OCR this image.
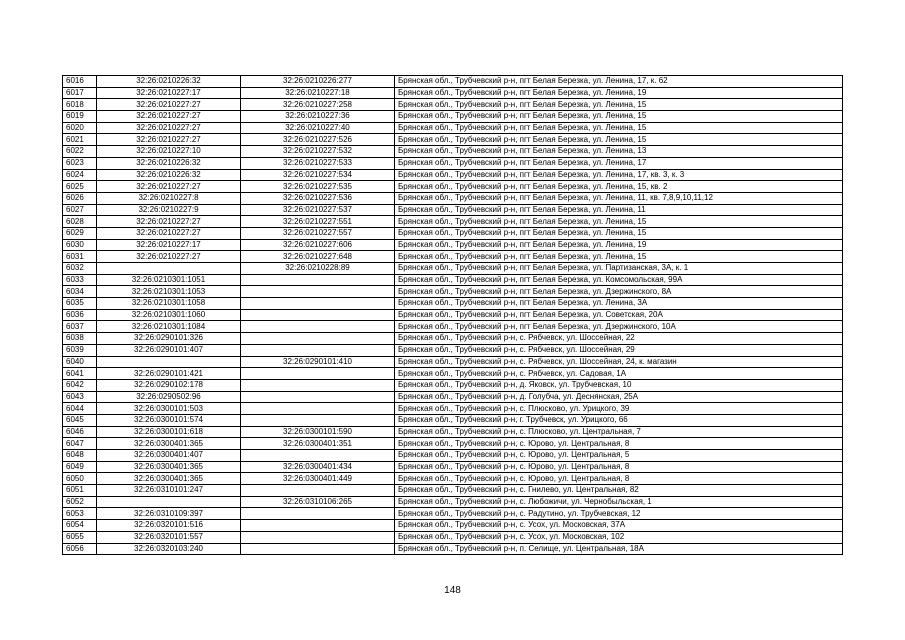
6016	32:26:0210226:32	32:26:0210226:277	Брянская обл., Трубчевский р-н, пгт Белая Березка, ул. Ленина, 17, к. 62
6017	32:26:0210227:17	32:26:0210227:18	Брянская обл., Трубчевский р-н, пгт Белая Березка, ул. Ленина, 19
6018	32:26:0210227:27	32:26:0210227:258	Брянская обл., Трубчевский р-н, пгт Белая Березка, ул. Ленина, 15
6019	32:26:0210227:27	32:26:0210227:36	Брянская обл., Трубчевский р-н, пгт Белая Березка, ул. Ленина, 15
6020	32:26:0210227:27	32:26:0210227:40	Брянская обл., Трубчевский р-н, пгт Белая Березка, ул. Ленина, 15
6021	32:26:0210227:27	32:26:0210227:526	Брянская обл., Трубчевский р-н, пгт Белая Березка, ул. Ленина, 15
6022	32:26:0210227:10	32:26:0210227:532	Брянская обл., Трубчевский р-н, пгт Белая Березка, ул. Ленина, 13
6023	32:26:0210226:32	32:26:0210227:533	Брянская обл., Трубчевский р-н, пгт Белая Березка, ул. Ленина, 17
6024	32:26:0210226:32	32:26:0210227:534	Брянская обл., Трубчевский р-н, пгт Белая Березка, ул. Ленина, 17, кв. 3, к. 3
6025	32:26:0210227:27	32:26:0210227:535	Брянская обл., Трубчевский р-н, пгт Белая Березка, ул. Ленина, 15, кв. 2
6026	32:26:0210227:8	32:26:0210227:536	Брянская обл., Трубчевский р-н, пгт Белая Березка, ул. Ленина, 11, кв. 7,8,9,10,11,12
6027	32:26:0210227:9	32:26:0210227:537	Брянская обл., Трубчевский р-н, пгт Белая Березка, ул. Ленина, 11
6028	32:26:0210227:27	32:26:0210227:551	Брянская обл., Трубчевский р-н, пгт Белая Березка, ул. Ленина, 15
6029	32:26:0210227:27	32:26:0210227:557	Брянская обл., Трубчевский р-н, пгт Белая Березка, ул. Ленина, 15
6030	32:26:0210227:17	32:26:0210227:606	Брянская обл., Трубчевский р-н, пгт Белая Березка, ул. Ленина, 19
6031	32:26:0210227:27	32:26:0210227:648	Брянская обл., Трубчевский р-н, пгт Белая Березка, ул. Ленина, 15
6032		32:26:0210228:89	Брянская обл., Трубчевский р-н, пгт Белая Березка, ул. Партизанская, 3А, к. 1
6033	32:26:0210301:1051		Брянская обл., Трубчевский р-н, пгт Белая Березка, ул. Комсомольская, 99А
6034	32:26:0210301:1053		Брянская обл., Трубчевский р-н, пгт Белая Березка, ул. Дзержинского, 8А
6035	32:26:0210301:1058		Брянская обл., Трубчевский р-н, пгт Белая Березка, ул. Ленина, 3А
6036	32:26:0210301:1060		Брянская обл., Трубчевский р-н, пгт Белая Березка, ул. Советская, 20А
6037	32:26:0210301:1084		Брянская обл., Трубчевский р-н, пгт Белая Березка, ул. Дзержинского, 10А
6038	32:26:0290101:326		Брянская обл., Трубчевский р-н, с. Рябчевск, ул. Шоссейная, 22
6039	32:26:0290101:407		Брянская обл., Трубчевский р-н, с. Рябчевск, ул. Шоссейная, 29
6040		32:26:0290101:410	Брянская обл., Трубчевский р-н, с. Рябчевск, ул. Шоссейная, 24, к. магазин
6041	32:26:0290101:421		Брянская обл., Трубчевский р-н, с. Рябчевск, ул. Садовая, 1А
6042	32:26:0290102:178		Брянская обл., Трубчевский р-н, д. Яковск, ул. Трубчевская, 10
6043	32:26:0290502:96		Брянская обл., Трубчевский р-н, д. Голубча, ул. Деснянская, 25А
6044	32:26:0300101:503		Брянская обл., Трубчевский р-н, с. Плюсково, ул. Урицкого, 39
6045	32:26:0300101:574		Брянская обл., Трубчевский р-н, г. Трубчевск, ул. Урицкого, 66
6046	32:26:0300101:618	32:26:0300101:590	Брянская обл., Трубчевский р-н, с. Плюсково, ул. Центральная, 7
6047	32:26:0300401:365	32:26:0300401:351	Брянская обл., Трубчевский р-н, с. Юрово, ул. Центральная, 8
6048	32:26:0300401:407		Брянская обл., Трубчевский р-н, с. Юрово, ул. Центральная, 5
6049	32:26:0300401:365	32:26:0300401:434	Брянская обл., Трубчевский р-н, с. Юрово, ул. Центральная, 8
6050	32:26:0300401:365	32:26:0300401:449	Брянская обл., Трубчевский р-н, с. Юрово, ул. Центральная, 8
6051	32:26:0310101:247		Брянская обл., Трубчевский р-н, с. Гнилево, ул. Центральная, 82
6052		32:26:0310106:265	Брянская обл., Трубчевский р-н, с. Любожичи, ул. Чернобыльская, 1
6053	32:26:0310109:397		Брянская обл., Трубчевский р-н, с. Радутино, ул. Трубчевская, 12
6054	32:26:0320101:516		Брянская обл., Трубчевский р-н, с. Усох, ул. Московская, 37А
6055	32:26:0320101:557		Брянская обл., Трубчевский р-н, с. Усох, ул. Московская, 102
6056	32:26:0320103:240		Брянская обл., Трубчевский р-н, п. Селище, ул. Центральная, 18А
148
